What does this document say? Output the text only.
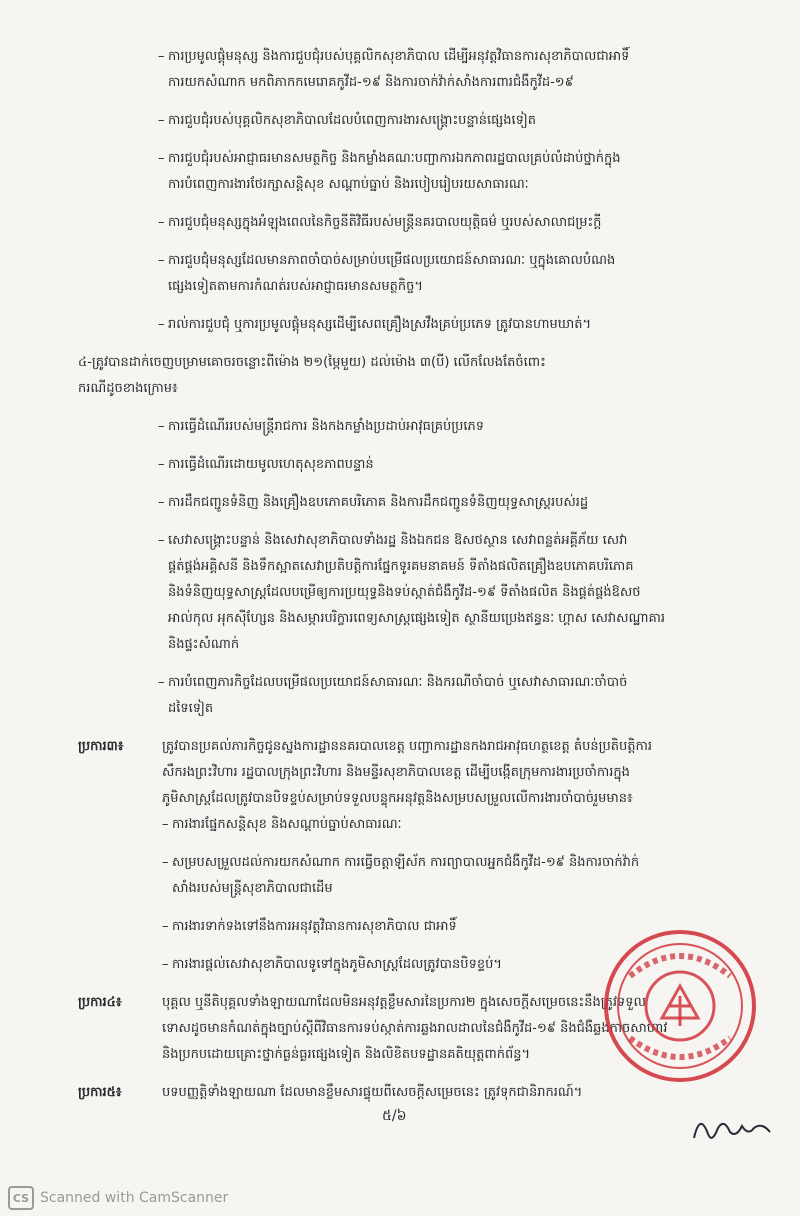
– ការប្រមូលផ្ដុំមនុស្ស និងការជួបជុំរបស់បុគ្គលិកសុខាភិបាល ដើម្បីអនុវត្តវិធានការសុខាភិបាលជាអាទិ៍
ការយកសំណាក មកពិភាកកមេរោគកូវីដ-១៩ និងការចាក់វ៉ាក់សាំងការពារជំងឺកូវីដ-១៩
– ការជួបជុំរបស់បុគ្គលិកសុខាភិបាលដែលបំពេញការងារសង្គ្រោះបន្ទាន់ផ្សេងទៀត
– ការជួបជុំរបស់អាជ្ញាធរមានសមត្ថកិច្ច និងកម្លាំងគណៈបញ្ជាការឯកភាពរដ្ឋបាលគ្រប់លំដាប់ថ្នាក់ក្នុង
ការបំពេញការងារថែរក្សាសន្តិសុខ សណ្ដាប់ធ្នាប់ និងរបៀបរៀបរយសាធារណៈ
– ការជួបជុំមនុស្សក្នុងអំឡុងពេលនៃកិច្ចនីតិវិធីរបស់មន្ត្រីនគរបាលយុត្តិធម៌ ឬរបស់សាលាជម្រះក្ដី
– ការជួបជុំមនុស្សដែលមានភាពចាំបាច់សម្រាប់បម្រើផលប្រយោជន៍សាធារណៈ ឬក្នុងគោលបំណង
ផ្សេងទៀតតាមការកំណត់របស់អាជ្ញាធរមានសមត្ថកិច្ច។
– រាល់ការជួបជុំ ឬការប្រមូលផ្ដុំមនុស្សដើម្បីសេពគ្រឿងស្រវឹងគ្រប់ប្រភេទ ត្រូវបានហាមឃាត់។
៤-ត្រូវបានដាក់ចេញបម្រាមគោចរចន្លោះពីម៉ោង ២១(ម្ភៃមួយ) ដល់ម៉ោង ៣(បី) លើកលែងតែចំពោះ
ករណីដូចខាងក្រោម៖
– ការធ្វើដំណើររបស់មន្ត្រីរាជការ និងកងកម្លាំងប្រដាប់អាវុធគ្រប់ប្រភេទ
– ការធ្វើដំណើរដោយមូលហេតុសុខភាពបន្ទាន់
– ការដឹកជញ្ជូនទំនិញ និងគ្រឿងឧបភោគបរិភោគ និងការដឹកជញ្ជូនទំនិញយុទ្ធសាស្ត្ររបស់រដ្ឋ
– សេវាសង្គ្រោះបន្ទាន់ និងសេវាសុខាភិបាលទាំងរដ្ឋ និងឯកជន ឱសថស្ថាន សេវាពន្លត់អគ្គីភ័យ សេវា
ផ្គត់ផ្គង់អគ្គិសនី និងទឹកស្អាតសេវាប្រតិបត្តិការផ្នែកទូរគមនាគមន៍ ទីតាំងផលិតគ្រឿងឧបភោគបរិភោគ
និងទំនិញយុទ្ធសាស្ត្រដែលបម្រើឲ្យការប្រយុទ្ធនិងទប់ស្កាត់ជំងឺកូវីដ-១៩ ទីតាំងផលិត និងផ្គត់ផ្គង់ឱសថ
អាល់កុល អុកស៊ីហ្សែន និងសម្ភារបរិក្ខារពេទ្យសាស្ត្រផ្សេងទៀត ស្ថានីយប្រេងឥន្ធនៈ ហ្គាស សេវាសណ្ឋាគារ
និងផ្ទះសំណាក់
– ការបំពេញភារកិច្ចដែលបម្រើផលប្រយោជន៍សាធារណៈ និងករណីចាំបាច់ ឬសេវាសាធារណៈចាំបាច់
ដទៃទៀត
ប្រការ៣៖	ត្រូវបានប្រគល់ភារកិច្ចជូនស្នងការដ្ឋាននគរបាលខេត្ត បញ្ជាការដ្ឋានកងរាជអាវុធហត្ថខេត្ត តំបន់ប្រតិបត្តិការ
សឹករងព្រះវិហារ រដ្ឋបាលក្រុងព្រះវិហារ និងមន្ទីរសុខាភិបាលខេត្ត ដើម្បីបង្កើតក្រុមការងារប្រចាំការក្នុង
ភូមិសាស្ត្រដែលត្រូវបានបិទខ្ទប់សម្រាប់ទទួលបន្ទុកអនុវត្តនិងសម្របសម្រួលលើការងារចាំបាច់រួមមាន៖
– ការងារផ្នែកសន្តិសុខ និងសណ្ដាប់ធ្នាប់សាធារណៈ
– សម្របសម្រួលដល់ការយកសំណាក ការធ្វើចត្តាឡីស័ក ការព្យាបាលអ្នកជំងឺកូវីដ-១៩ និងការចាក់វ៉ាក់
សាំងរបស់មន្ត្រីសុខាភិបាលជាដើម
– ការងារទាក់ទងទៅនឹងការអនុវត្តវិធានការសុខាភិបាល ជាអាទិ៍
– ការងារផ្ដល់សេវាសុខាភិបាលទូទៅក្នុងភូមិសាស្ត្រដែលត្រូវបានបិទខ្ទប់។
ប្រការ៤៖	បុគ្គល ឬនីតិបុគ្គលទាំងឡាយណាដែលមិនអនុវត្តខ្លឹមសារនៃប្រការ២ ក្នុងសេចក្ដីសម្រេចនេះនឹងត្រូវទទួល
ទោសដូចមានកំណត់ក្នុងច្បាប់ស្ដីពីវិធានការទប់ស្កាត់ការឆ្លងរាលដាលនៃជំងឺកូវីដ-១៩ និងជំងឺឆ្លងកាចសាហាវ
និងប្រកបដោយគ្រោះថ្នាក់ធ្ងន់ធ្ងរផ្សេងទៀត និងលិខិតបទដ្ឋានគតិយុត្តពាក់ព័ន្ធ។
ប្រការ៥៖	បទបញ្ញត្តិទាំងឡាយណា ដែលមានខ្លឹមសារផ្ទុយពីសេចក្ដីសម្រេចនេះ ត្រូវទុកជានិរាករណ៍។
៥/៦
CS Scanned with CamScanner
